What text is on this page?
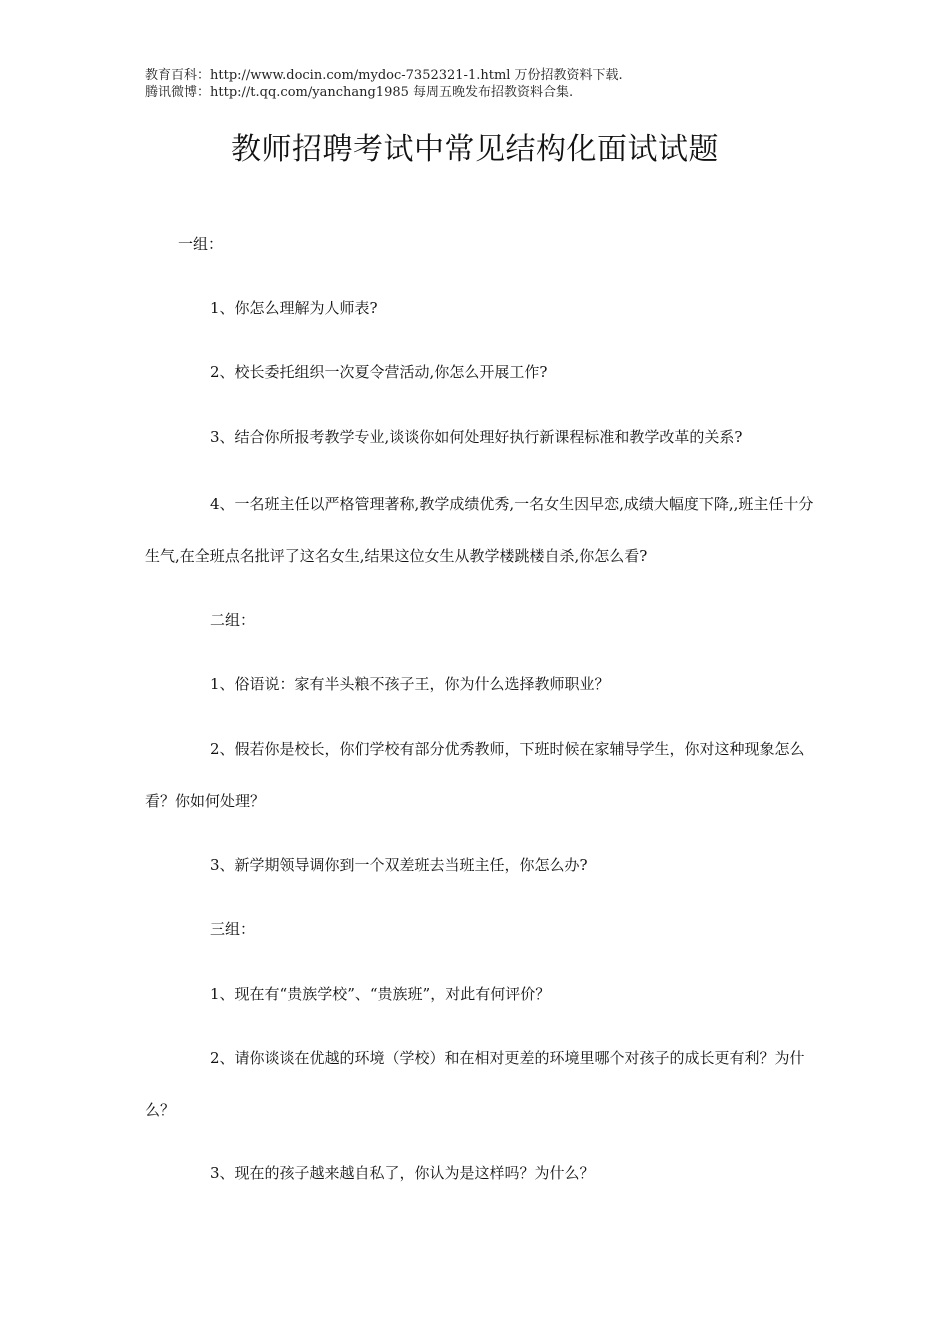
教育百科：http://www.docin.com/mydoc-7352321-1.html 万份招教资料下载.
腾讯微博：http://t.qq.com/yanchang1985 每周五晚发布招教资料合集.
教师招聘考试中常见结构化面试试题
一组：
1、你怎么理解为人师表?
2、校长委托组织一次夏令营活动,你怎么开展工作?
3、结合你所报考教学专业,谈谈你如何处理好执行新课程标准和教学改革的关系?
4、一名班主任以严格管理著称,教学成绩优秀,一名女生因早恋,成绩大幅度下降,,班主任十分生气,在全班点名批评了这名女生,结果这位女生从教学楼跳楼自杀,你怎么看?
二组：
1、俗语说：家有半头粮不孩子王，你为什么选择教师职业？
2、假若你是校长，你们学校有部分优秀教师，下班时候在家辅导学生，你对这种现象怎么看？你如何处理？
3、新学期领导调你到一个双差班去当班主任，你怎么办?
三组：
1、现在有“贵族学校”、“贵族班”，对此有何评价？
2、请你谈谈在优越的环境（学校）和在相对更差的环境里哪个对孩子的成长更有利？为什么？
3、现在的孩子越来越自私了，你认为是这样吗？为什么？
